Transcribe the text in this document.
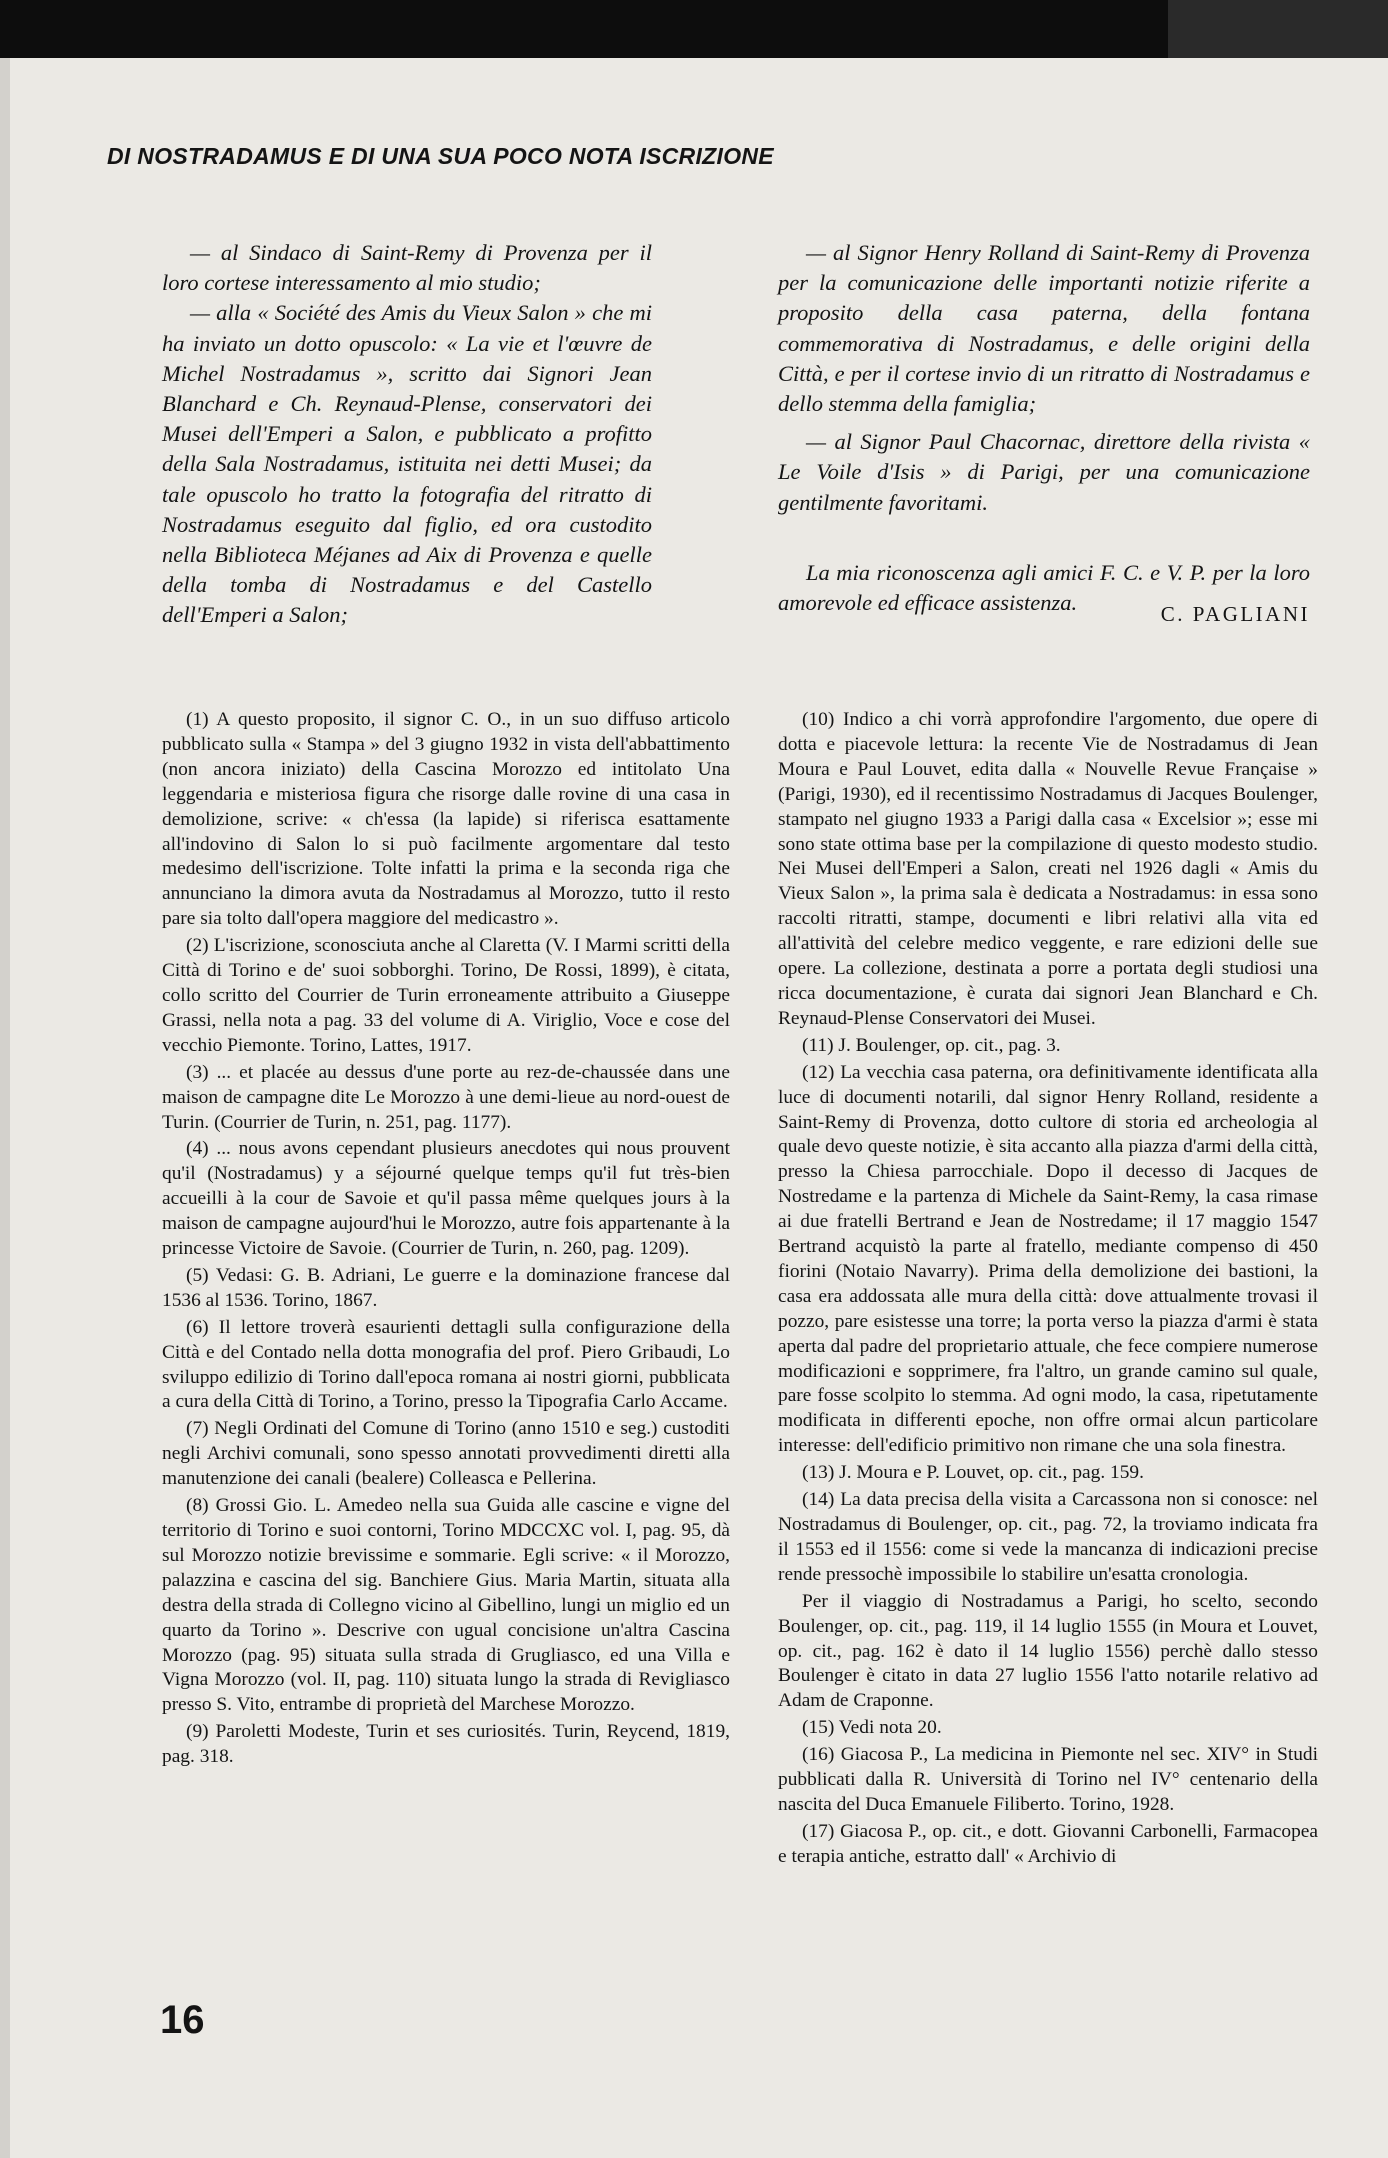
DI NOSTRADAMUS E DI UNA SUA POCO NOTA ISCRIZIONE

— al Sindaco di Saint-Remy di Provenza per il loro cortese interessamento al mio studio;

— alla « Société des Amis du Vieux Salon » che mi ha inviato un dotto opuscolo: « La vie et l'œuvre de Michel Nostradamus », scritto dai Signori Jean Blanchard e Ch. Reynaud-Plense, conservatori dei Musei dell'Emperi a Salon, e pubblicato a profitto della Sala Nostradamus, istituita nei detti Musei; da tale opuscolo ho tratto la fotografia del ritratto di Nostradamus eseguito dal figlio, ed ora custodito nella Biblioteca Méjanes ad Aix di Provenza e quelle della tomba di Nostradamus e del Castello dell'Emperi a Salon;

— al Signor Henry Rolland di Saint-Remy di Provenza per la comunicazione delle importanti notizie riferite a proposito della casa paterna, della fontana commemorativa di Nostradamus, e delle origini della Città, e per il cortese invio di un ritratto di Nostradamus e dello stemma della famiglia;

— al Signor Paul Chacornac, direttore della rivista « Le Voile d'Isis » di Parigi, per una comunicazione gentilmente favoritami.

La mia riconoscenza agli amici F. C. e V. P. per la loro amorevole ed efficace assistenza.	C. PAGLIANI

(1) A questo proposito, il signor C. O., in un suo diffuso articolo pubblicato sulla « Stampa » del 3 giugno 1932 in vista dell'abbattimento (non ancora iniziato) della Cascina Morozzo ed intitolato Una leggendaria e misteriosa figura che risorge dalle rovine di una casa in demolizione, scrive: « ch'essa (la lapide) si riferisca esattamente all'indovino di Salon lo si può facilmente argomentare dal testo medesimo dell'iscrizione. Tolte infatti la prima e la seconda riga che annunciano la dimora avuta da Nostradamus al Morozzo, tutto il resto pare sia tolto dall'opera maggiore del medicastro ».

(2) L'iscrizione, sconosciuta anche al Claretta (V. I Marmi scritti della Città di Torino e de' suoi sobborghi. Torino, De Rossi, 1899), è citata, collo scritto del Courrier de Turin erroneamente attribuito a Giuseppe Grassi, nella nota a pag. 33 del volume di A. Viriglio, Voce e cose del vecchio Piemonte. Torino, Lattes, 1917.

(3) ... et placée au dessus d'une porte au rez-de-chaussée dans une maison de campagne dite Le Morozzo à une demi-lieue au nord-ouest de Turin. (Courrier de Turin, n. 251, pag. 1177).

(4) ... nous avons cependant plusieurs anecdotes qui nous prouvent qu'il (Nostradamus) y a séjourné quelque temps qu'il fut très-bien accueilli à la cour de Savoie et qu'il passa même quelques jours à la maison de campagne aujourd'hui le Morozzo, autre fois appartenante à la princesse Victoire de Savoie. (Courrier de Turin, n. 260, pag. 1209).

(5) Vedasi: G. B. Adriani, Le guerre e la dominazione francese dal 1536 al 1536. Torino, 1867.

(6) Il lettore troverà esaurienti dettagli sulla configurazione della Città e del Contado nella dotta monografia del prof. Piero Gribaudi, Lo sviluppo edilizio di Torino dall'epoca romana ai nostri giorni, pubblicata a cura della Città di Torino, a Torino, presso la Tipografia Carlo Accame.

(7) Negli Ordinati del Comune di Torino (anno 1510 e seg.) custoditi negli Archivi comunali, sono spesso annotati provvedimenti diretti alla manutenzione dei canali (bealere) Colleasca e Pellerina.

(8) Grossi Gio. L. Amedeo nella sua Guida alle cascine e vigne del territorio di Torino e suoi contorni, Torino MDCCXC vol. I, pag. 95, dà sul Morozzo notizie brevissime e sommarie. Egli scrive: « il Morozzo, palazzina e cascina del sig. Banchiere Gius. Maria Martin, situata alla destra della strada di Collegno vicino al Gibellino, lungi un miglio ed un quarto da Torino ». Descrive con ugual concisione un'altra Cascina Morozzo (pag. 95) situata sulla strada di Grugliasco, ed una Villa e Vigna Morozzo (vol. II, pag. 110) situata lungo la strada di Revigliasco presso S. Vito, entrambe di proprietà del Marchese Morozzo.

(9) Paroletti Modeste, Turin et ses curiosités. Turin, Reycend, 1819, pag. 318.

(10) Indico a chi vorrà approfondire l'argomento, due opere di dotta e piacevole lettura: la recente Vie de Nostradamus di Jean Moura e Paul Louvet, edita dalla « Nouvelle Revue Française » (Parigi, 1930), ed il recentissimo Nostradamus di Jacques Boulenger, stampato nel giugno 1933 a Parigi dalla casa « Excelsior »; esse mi sono state ottima base per la compilazione di questo modesto studio. Nei Musei dell'Emperi a Salon, creati nel 1926 dagli « Amis du Vieux Salon », la prima sala è dedicata a Nostradamus: in essa sono raccolti ritratti, stampe, documenti e libri relativi alla vita ed all'attività del celebre medico veggente, e rare edizioni delle sue opere. La collezione, destinata a porre a portata degli studiosi una ricca documentazione, è curata dai signori Jean Blanchard e Ch. Reynaud-Plense Conservatori dei Musei.

(11) J. Boulenger, op. cit., pag. 3.

(12) La vecchia casa paterna, ora definitivamente identificata alla luce di documenti notarili, dal signor Henry Rolland, residente a Saint-Remy di Provenza, dotto cultore di storia ed archeologia al quale devo queste notizie, è sita accanto alla piazza d'armi della città, presso la Chiesa parrocchiale. Dopo il decesso di Jacques de Nostredame e la partenza di Michele da Saint-Remy, la casa rimase ai due fratelli Bertrand e Jean de Nostredame; il 17 maggio 1547 Bertrand acquistò la parte al fratello, mediante compenso di 450 fiorini (Notaio Navarry). Prima della demolizione dei bastioni, la casa era addossata alle mura della città: dove attualmente trovasi il pozzo, pare esistesse una torre; la porta verso la piazza d'armi è stata aperta dal padre del proprietario attuale, che fece compiere numerose modificazioni e sopprimere, fra l'altro, un grande camino sul quale, pare fosse scolpito lo stemma. Ad ogni modo, la casa, ripetutamente modificata in differenti epoche, non offre ormai alcun particolare interesse: dell'edificio primitivo non rimane che una sola finestra.

(13) J. Moura e P. Louvet, op. cit., pag. 159.

(14) La data precisa della visita a Carcassona non si conosce: nel Nostradamus di Boulenger, op. cit., pag. 72, la troviamo indicata fra il 1553 ed il 1556: come si vede la mancanza di indicazioni precise rende pressochè impossibile lo stabilire un'esatta cronologia.

Per il viaggio di Nostradamus a Parigi, ho scelto, secondo Boulenger, op. cit., pag. 119, il 14 luglio 1555 (in Moura et Louvet, op. cit., pag. 162 è dato il 14 luglio 1556) perchè dallo stesso Boulenger è citato in data 27 luglio 1556 l'atto notarile relativo ad Adam de Craponne.

(15) Vedi nota 20.

(16) Giacosa P., La medicina in Piemonte nel sec. XIV° in Studi pubblicati dalla R. Università di Torino nel IV° centenario della nascita del Duca Emanuele Filiberto. Torino, 1928.

(17) Giacosa P., op. cit., e dott. Giovanni Carbonelli, Farmacopea e terapia antiche, estratto dall' « Archivio di

16
